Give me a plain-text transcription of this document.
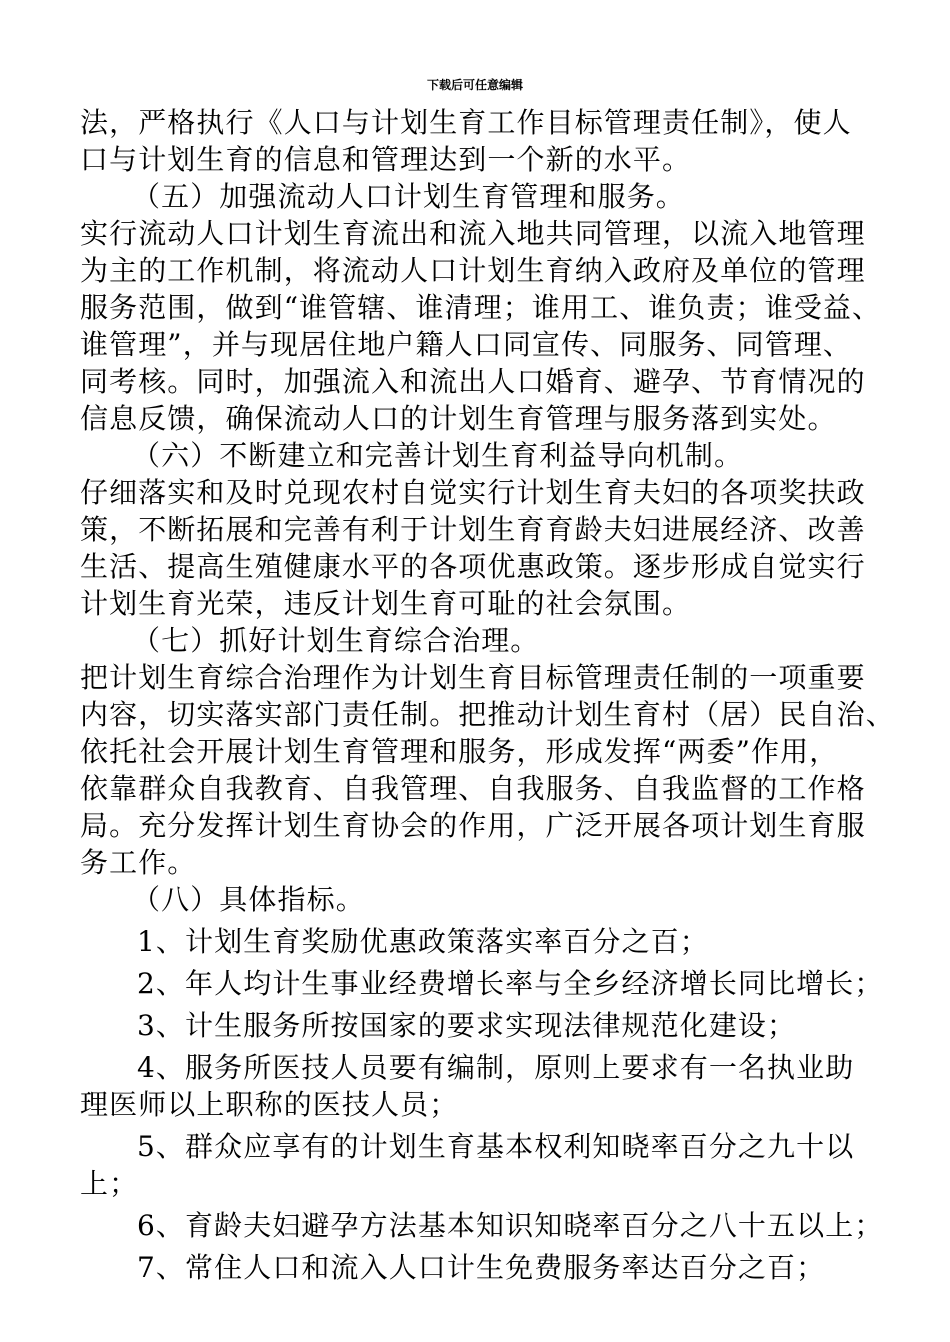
下载后可任意编辑
法，严格执行《人口与计划生育工作目标管理责任制》，使人
口与计划生育的信息和管理达到一个新的水平。
（五）加强流动人口计划生育管理和服务。
实行流动人口计划生育流出和流入地共同管理，以流入地管理
为主的工作机制，将流动人口计划生育纳入政府及单位的管理
服务范围，做到“谁管辖、谁清理；谁用工、谁负责；谁受益、
谁管理”，并与现居住地户籍人口同宣传、同服务、同管理、
同考核。同时，加强流入和流出人口婚育、避孕、节育情况的
信息反馈，确保流动人口的计划生育管理与服务落到实处。
（六）不断建立和完善计划生育利益导向机制。
仔细落实和及时兑现农村自觉实行计划生育夫妇的各项奖扶政
策，不断拓展和完善有利于计划生育育龄夫妇进展经济、改善
生活、提高生殖健康水平的各项优惠政策。逐步形成自觉实行
计划生育光荣，违反计划生育可耻的社会氛围。
（七）抓好计划生育综合治理。
把计划生育综合治理作为计划生育目标管理责任制的一项重要
内容，切实落实部门责任制。把推动计划生育村（居）民自治、
依托社会开展计划生育管理和服务，形成发挥“两委”作用，
依靠群众自我教育、自我管理、自我服务、自我监督的工作格
局。充分发挥计划生育协会的作用，广泛开展各项计划生育服
务工作。
（八）具体指标。
1、计划生育奖励优惠政策落实率百分之百；
2、年人均计生事业经费增长率与全乡经济增长同比增长；
3、计生服务所按国家的要求实现法律规范化建设；
4、服务所医技人员要有编制，原则上要求有一名执业助
理医师以上职称的医技人员；
5、群众应享有的计划生育基本权利知晓率百分之九十以
上；
6、育龄夫妇避孕方法基本知识知晓率百分之八十五以上；
7、常住人口和流入人口计生免费服务率达百分之百；
